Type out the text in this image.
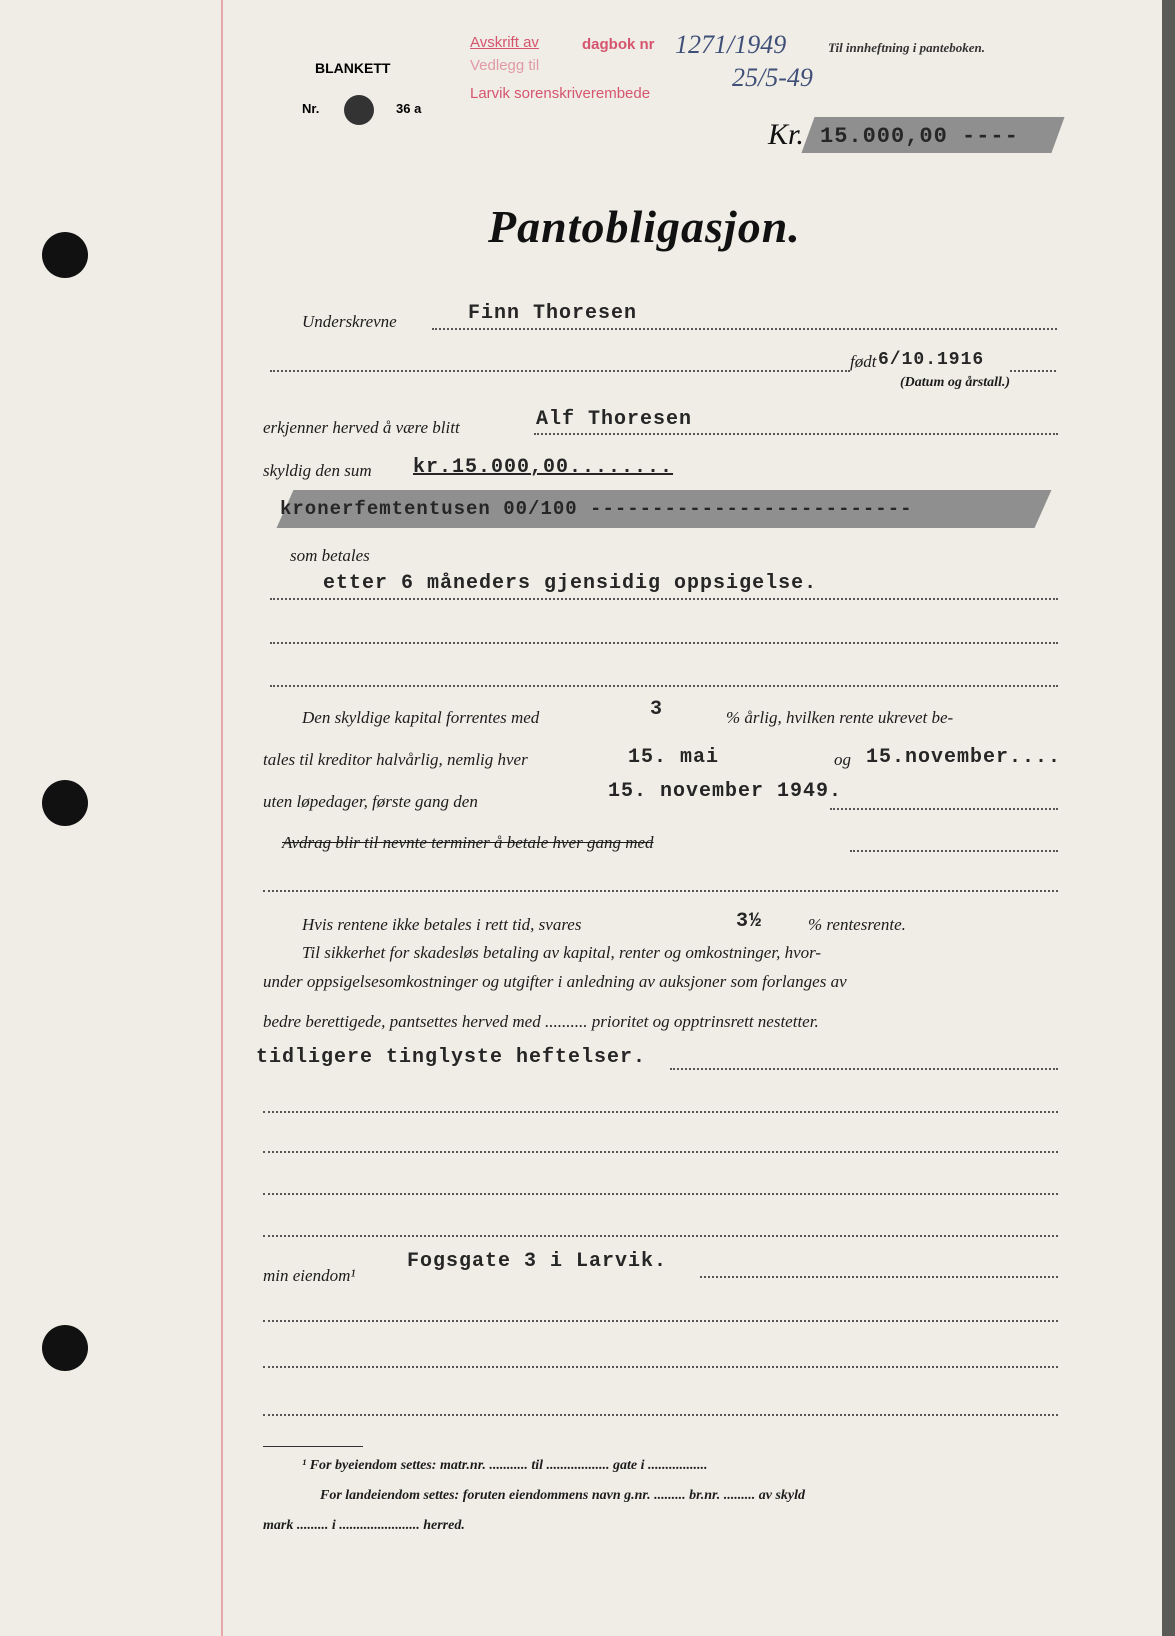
BLANKETT
Nr.	36 a
Avskrift av
Vedlegg til
Larvik sorenskriverembede
dagbok nr 1271/1949
25/5-49
Til innheftning i panteboken.
Kr. 15.000,00 ----
Pantobligasjon.
Underskrevne	Finn Thoresen
født 6/10.1916
(Datum og årstall.)
erkjenner herved å være blitt	Alf Thoresen
skyldig den sum kr.15.000,00........
kronerfemtentusen 00/100 --------------------------
som betales
etter 6 måneders gjensidig oppsigelse.
Den skyldige kapital forrentes med	3	% årlig, hvilken rente ukrevet be-
tales til kreditor halvårlig, nemlig hver	15. mai	og 15.november....
uten løpedager, første gang den	15. november 1949.
Avdrag blir til nevnte terminer å betale hver gang med
Hvis rentene ikke betales i rett tid, svares	3½	% rentesrente.
Til sikkerhet for skadesløs betaling av kapital, renter og omkostninger, hvor-
under oppsigelsesomkostninger og utgifter i anledning av auksjoner som forlanges av
bedre berettigede, pantsettes herved med .......... prioritet og opptrinsrett nestetter.
tidligere tinglyste heftelser.
min eiendom¹
Fogsgate 3 i Larvik.
¹ For byeiendom settes: matr.nr. ........... til .................. gate i .................
For landeiendom settes: foruten eiendommens navn g.nr. ......... br.nr. ......... av skyld
mark ......... i ....................... herred.
